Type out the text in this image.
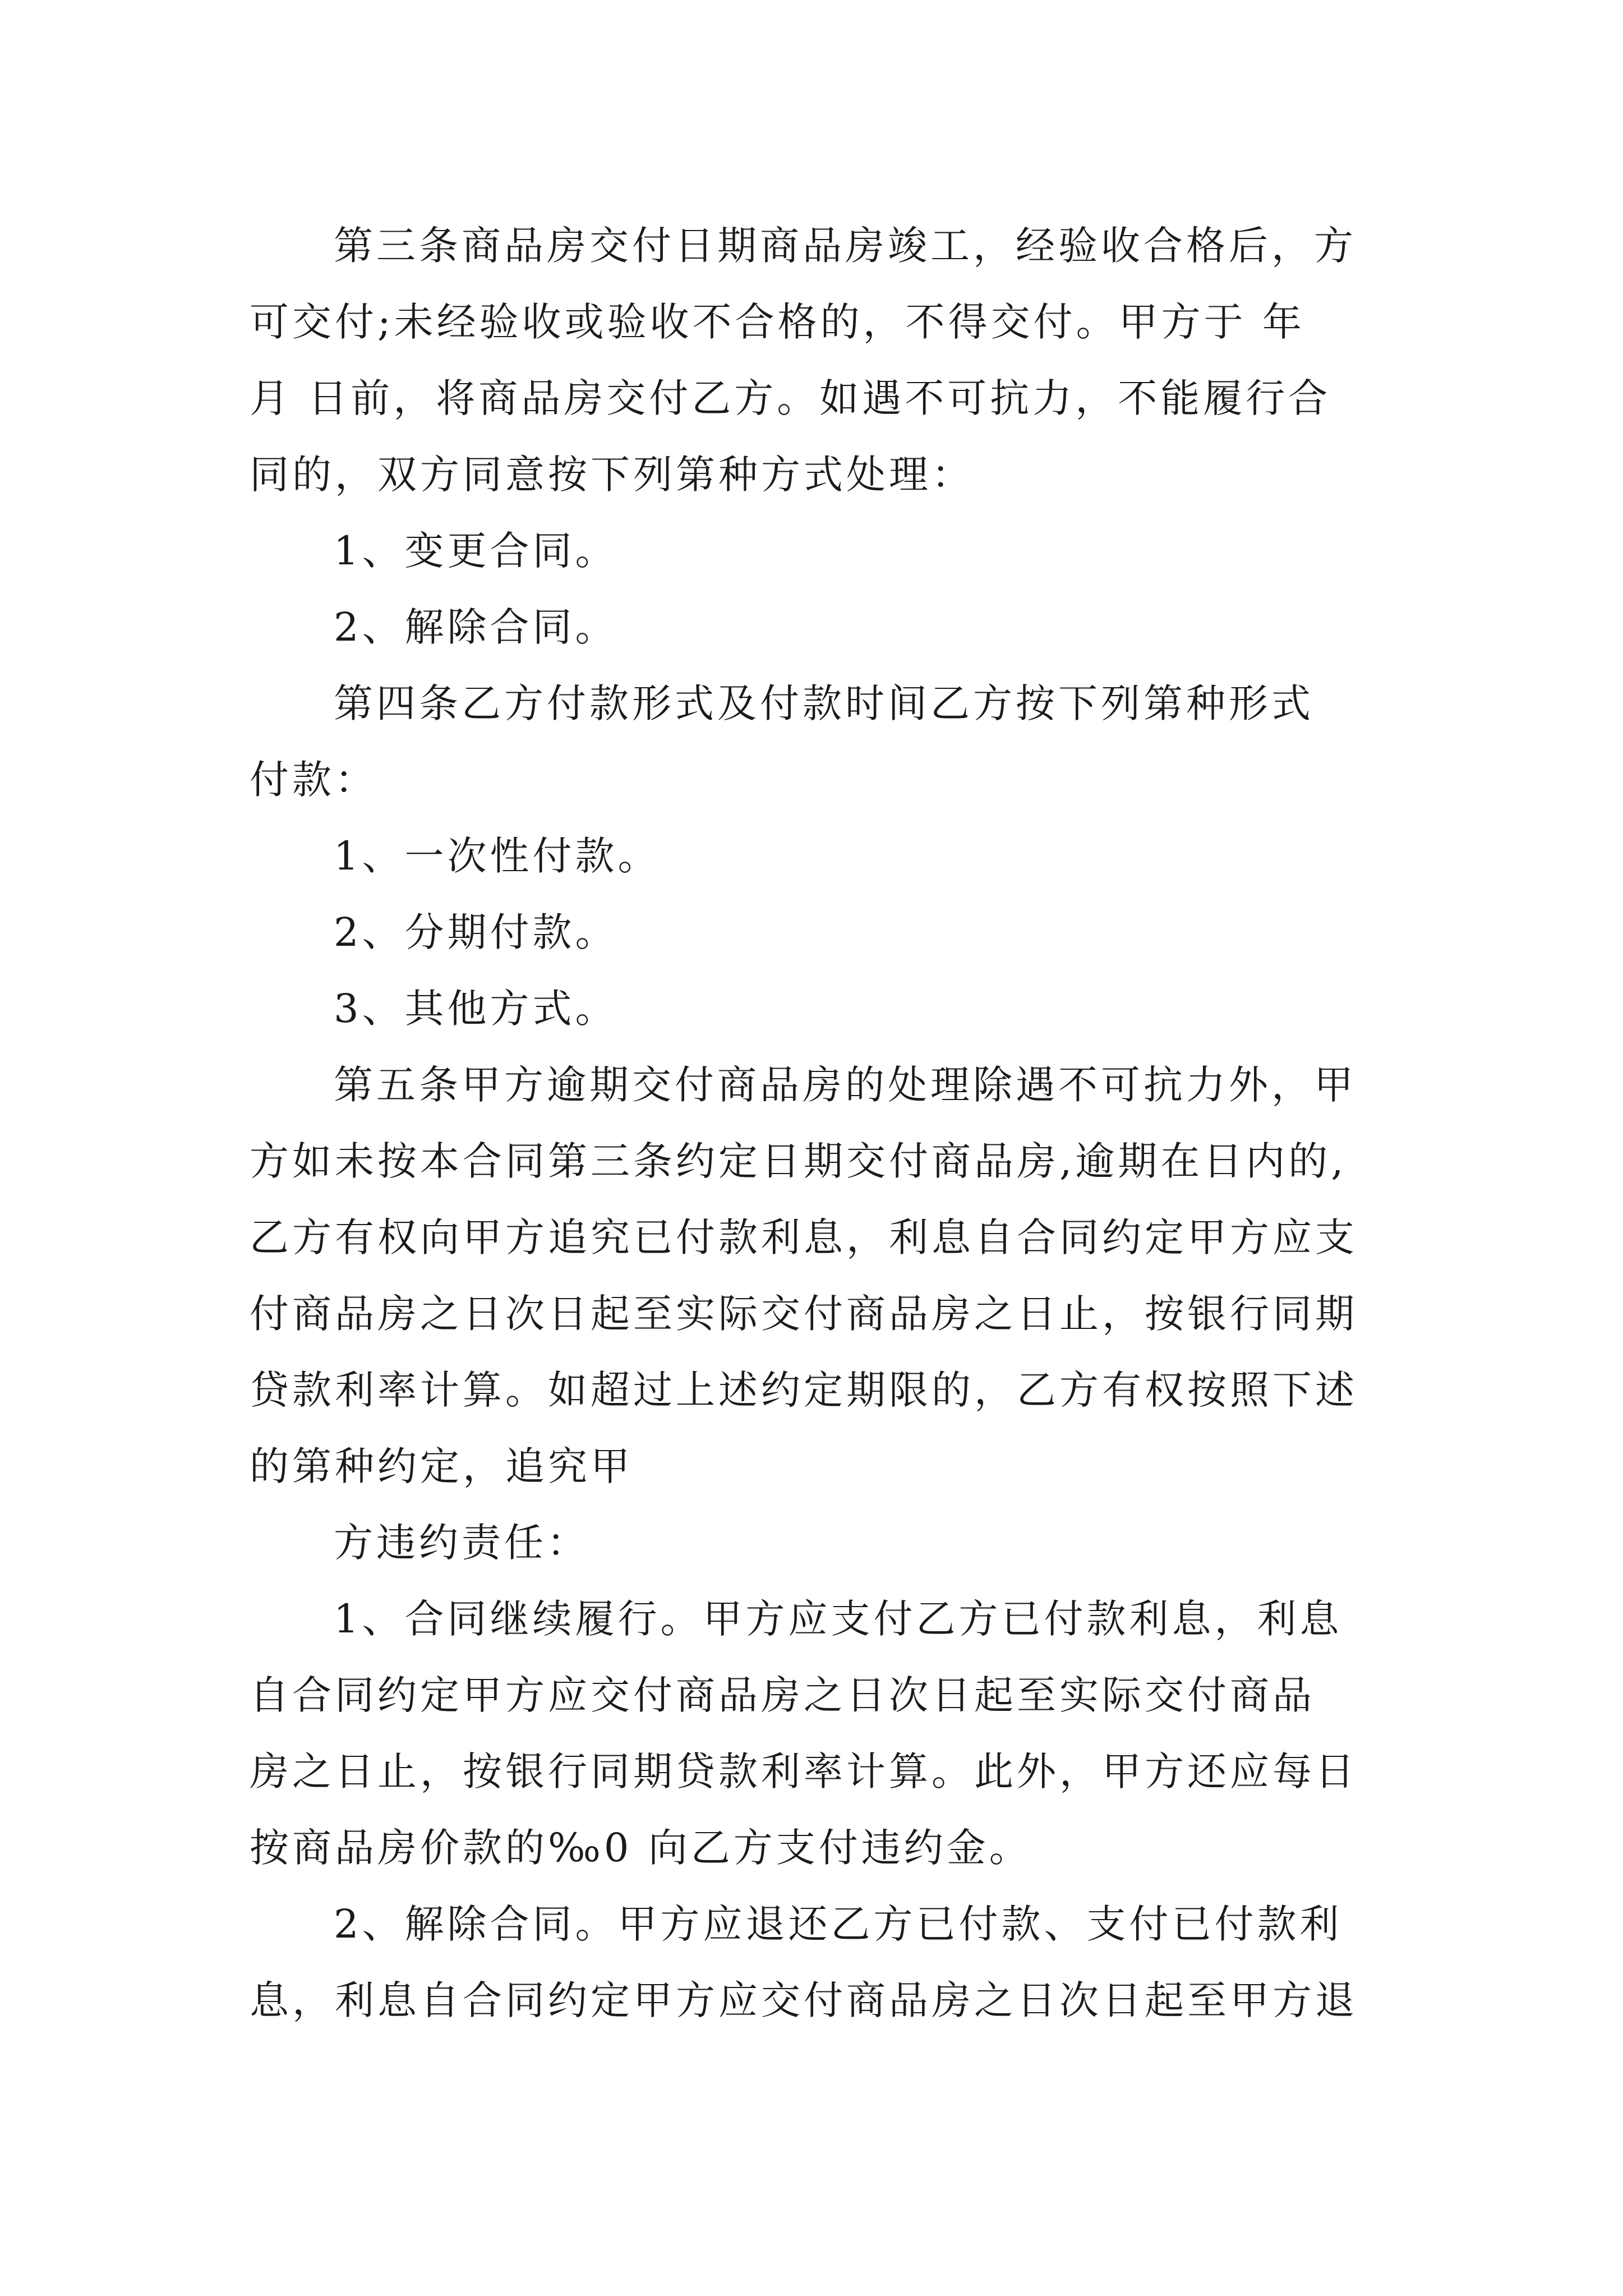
第三条商品房交付日期商品房竣工，经验收合格后，方
可交付;未经验收或验收不合格的，不得交付。甲方于 年
月 日前，将商品房交付乙方。如遇不可抗力，不能履行合
同的，双方同意按下列第种方式处理：
1、变更合同。
2、解除合同。
第四条乙方付款形式及付款时间乙方按下列第种形式
付款：
1、一次性付款。
2、分期付款。
3、其他方式。
第五条甲方逾期交付商品房的处理除遇不可抗力外，甲
方如未按本合同第三条约定日期交付商品房,逾期在日内的,
乙方有权向甲方追究已付款利息，利息自合同约定甲方应支
付商品房之日次日起至实际交付商品房之日止，按银行同期
贷款利率计算。如超过上述约定期限的，乙方有权按照下述
的第种约定，追究甲
方违约责任：
1、合同继续履行。甲方应支付乙方已付款利息，利息
自合同约定甲方应交付商品房之日次日起至实际交付商品
房之日止，按银行同期贷款利率计算。此外，甲方还应每日
按商品房价款的‰0 向乙方支付违约金。
2、解除合同。甲方应退还乙方已付款、支付已付款利
息，利息自合同约定甲方应交付商品房之日次日起至甲方退
